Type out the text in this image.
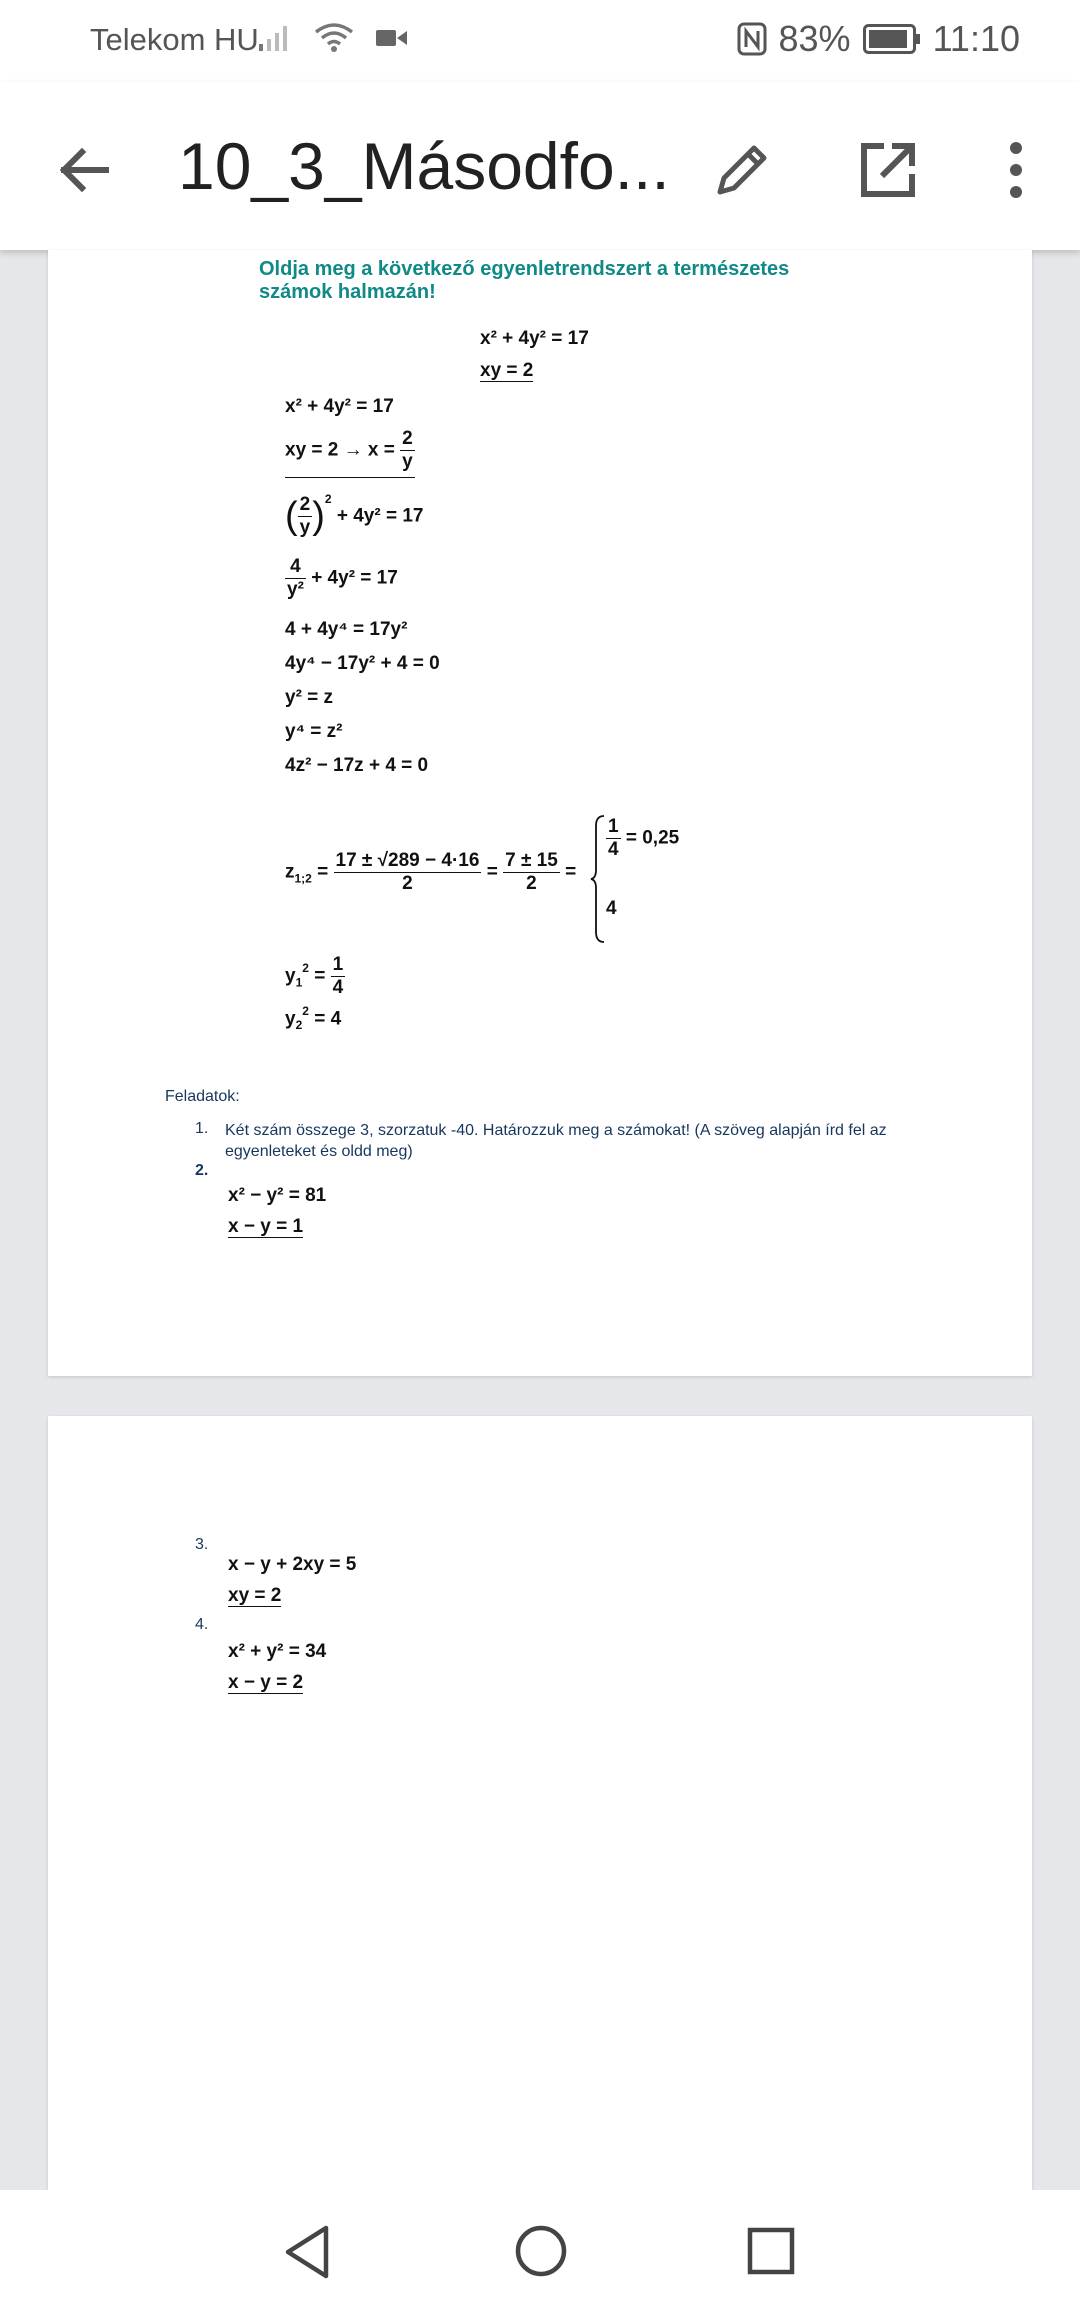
Telekom HU	83% 11:10
10_3_Másodfo...
Oldja meg a következő egyenletrendszert a természetes számok halmazán!
x² + 4y² = 17
xy = 2
x² + 4y² = 17
xy = $2 \to x = \frac{2}{y}$
( $\frac{2}{y} )^2 + 4y^2 = 17$
$\frac{4}{\text{y²}} + 4y^2 = 17$
4 + 4y⁴ = 17y²
4y⁴ − 17y² + 4 = 0
y² = z
y⁴ = z²
4z² − 17z + 4 = 0
$z_{1;2} = \frac{17 \pm √289 - 4\cdot 16}{2} = \frac{7 \pm 15}{2}$ =
$\frac{1}{4} = 0,25$
4
$y_1^2 = \frac{1}{4}$
$y_2^2 = 4$
Feladatok:
1. Két szám összege 3, szorzatuk -40. Határozzuk meg a számokat! (A szöveg alapján írd fel az egyenleteket és oldd meg)
2.
x² − y² = 81
x − y = 1
3.
x − y + 2xy = 5
xy = 2
4.
x² + y² = 34
x − y = 2
